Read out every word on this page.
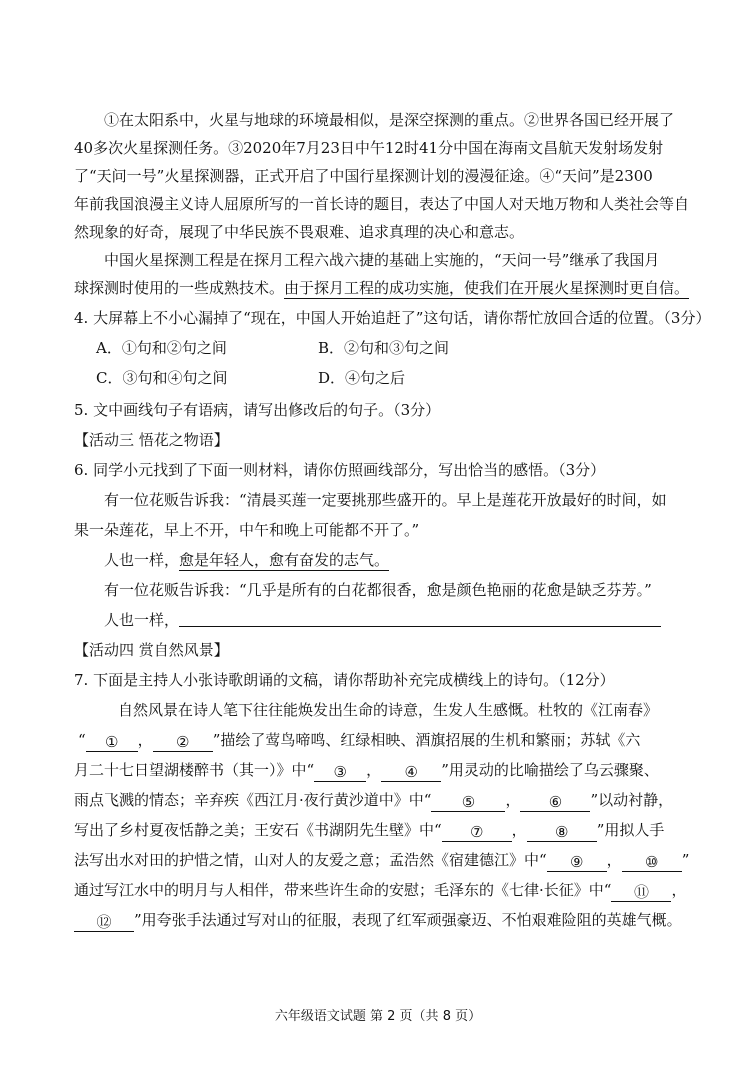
①在太阳系中，火星与地球的环境最相似，是深空探测的重点。②世界各国已经开展了
40多次火星探测任务。③2020年7月23日中午12时41分中国在海南文昌航天发射场发射
了“天问一号”火星探测器，正式开启了中国行星探测计划的漫漫征途。④“天问”是2300
年前我国浪漫主义诗人屈原所写的一首长诗的题目，表达了中国人对天地万物和人类社会等自
然现象的好奇，展现了中华民族不畏艰难、追求真理的决心和意志。
中国火星探测工程是在探月工程六战六捷的基础上实施的，“天问一号”继承了我国月
球探测时使用的一些成熟技术。由于探月工程的成功实施，使我们在开展火星探测时更自信。
4. 大屏幕上不小心漏掉了“现在，中国人开始追赶了”这句话，请你帮忙放回合适的位置。（3分）
A．①句和②句之间	B．②句和③句之间
C．③句和④句之间	D．④句之后
5. 文中画线句子有语病，请写出修改后的句子。（3分）
【活动三 悟花之物语】
6. 同学小元找到了下面一则材料，请你仿照画线部分，写出恰当的感悟。（3分）
有一位花贩告诉我：“清晨买莲一定要挑那些盛开的。早上是莲花开放最好的时间，如
果一朵莲花，早上不开，中午和晚上可能都不开了。”
人也一样，愈是年轻人，愈有奋发的志气。
有一位花贩告诉我：“几乎是所有的白花都很香，愈是颜色艳丽的花愈是缺乏芬芳。”
人也一样，
【活动四 赏自然风景】
7. 下面是主持人小张诗歌朗诵的文稿，请你帮助补充完成横线上的诗句。（12分）
自然风景在诗人笔下往往能焕发出生命的诗意，生发人生感慨。杜牧的《江南春》
“ ① ， ② ”描绘了莺鸟啼鸣、红绿相映、酒旗招展的生机和繁丽；苏轼《六
月二十七日望湖楼醉书（其一）》中“ ③ ， ④ ”用灵动的比喻描绘了乌云骤聚、
雨点飞溅的情态；辛弃疾《西江月·夜行黄沙道中》中“ ⑤ ， ⑥ ”以动衬静，
写出了乡村夏夜恬静之美；王安石《书湖阴先生壁》中“ ⑦ ， ⑧ ”用拟人手
法写出水对田的护惜之情，山对人的友爱之意；孟浩然《宿建德江》中“ ⑨ ， ⑩ ”
通过写江水中的明月与人相伴，带来些许生命的安慰；毛泽东的《七律·长征》中“ ⑪ ，
⑫ ”用夸张手法通过写对山的征服，表现了红军顽强豪迈、不怕艰难险阻的英雄气概。
六年级语文试题 第 2 页（共 8 页）
